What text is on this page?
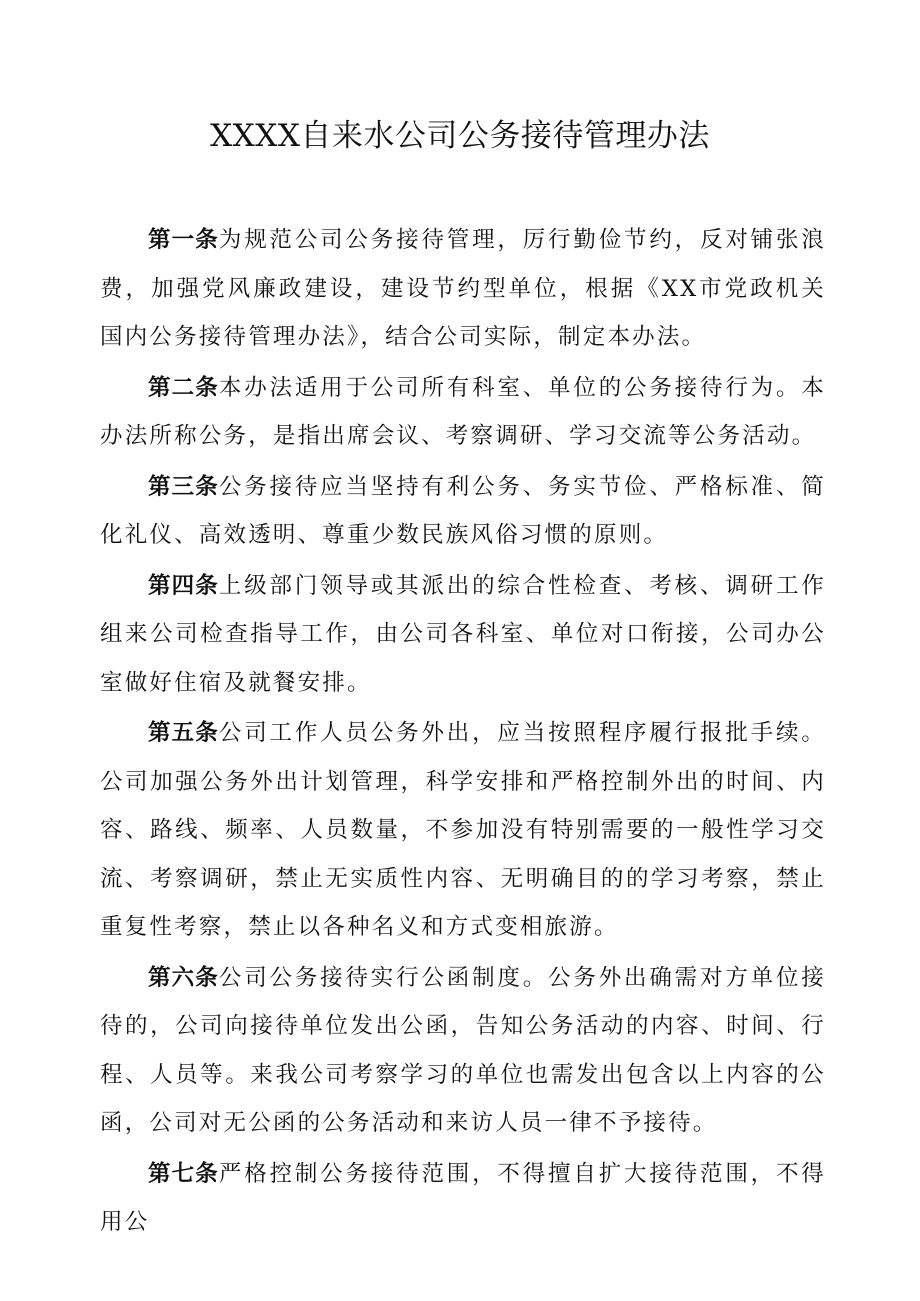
XXXX自来水公司公务接待管理办法

第一条为规范公司公务接待管理，厉行勤俭节约，反对铺张浪费，加强党风廉政建设，建设节约型单位，根据《XX市党政机关国内公务接待管理办法》，结合公司实际，制定本办法。

第二条本办法适用于公司所有科室、单位的公务接待行为。本办法所称公务，是指出席会议、考察调研、学习交流等公务活动。

第三条公务接待应当坚持有利公务、务实节俭、严格标准、简化礼仪、高效透明、尊重少数民族风俗习惯的原则。

第四条上级部门领导或其派出的综合性检查、考核、调研工作组来公司检查指导工作，由公司各科室、单位对口衔接，公司办公室做好住宿及就餐安排。

第五条公司工作人员公务外出，应当按照程序履行报批手续。公司加强公务外出计划管理，科学安排和严格控制外出的时间、内容、路线、频率、人员数量，不参加没有特别需要的一般性学习交流、考察调研，禁止无实质性内容、无明确目的的学习考察，禁止重复性考察，禁止以各种名义和方式变相旅游。

第六条公司公务接待实行公函制度。公务外出确需对方单位接待的，公司向接待单位发出公函，告知公务活动的内容、时间、行程、人员等。来我公司考察学习的单位也需发出包含以上内容的公函，公司对无公函的公务活动和来访人员一律不予接待。

第七条严格控制公务接待范围，不得擅自扩大接待范围，不得用公
